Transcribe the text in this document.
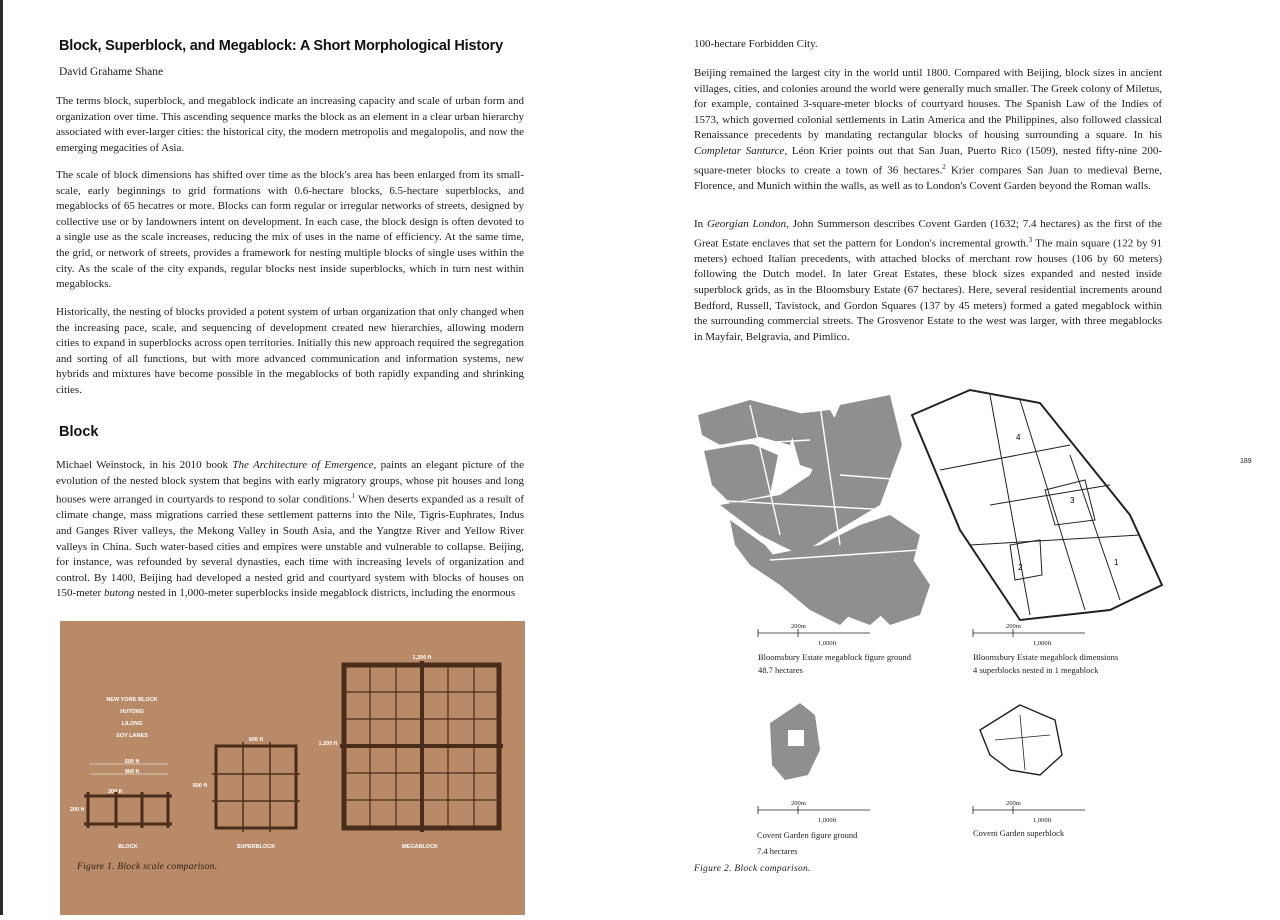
Block, Superblock, and Megablock: A Short Morphological History
David Grahame Shane

The terms block, superblock, and megablock indicate an increasing capacity and scale of urban form and organization over time. This ascending sequence marks the block as an element in a clear urban hierarchy associated with ever-larger cities: the historical city, the modern metropolis and megalopolis, and now the emerging megacities of Asia.

The scale of block dimensions has shifted over time as the block's area has been enlarged from its small-scale, early beginnings to grid formations with 0.6-hectare blocks, 6.5-hectare superblocks, and megablocks of 65 hecatres or more. Blocks can form regular or irregular networks of streets, designed by collective use or by landowners intent on development. In each case, the block design is often devoted to a single use as the scale increases, reducing the mix of uses in the name of efficiency. At the same time, the grid, or network of streets, provides a framework for nesting multiple blocks of single uses within the city. As the scale of the city expands, regular blocks nest inside superblocks, which in turn nest within megablocks.

Historically, the nesting of blocks provided a potent system of urban organization that only changed when the increasing pace, scale, and sequencing of development created new hierarchies, allowing modern cities to expand in superblocks across open territories. Initially this new approach required the segregation and sorting of all functions, but with more advanced communication and information systems, new hybrids and mixtures have become possible in the megablocks of both rapidly expanding and shrinking cities.

Block

Michael Weinstock, in his 2010 book The Architecture of Emergence, paints an elegant picture of the evolution of the nested block system that begins with early migratory groups, whose pit houses and long houses were arranged in courtyards to respond to solar conditions.$^1$ When deserts expanded as a result of climate change, mass migrations carried these settlement patterns into the Nile, Tigris-Euphrates, Indus and Ganges River valleys, the Mekong Valley in South Asia, and the Yangtze River and Yellow River valleys in China. Such water-based cities and empires were unstable and vulnerable to collapse. Beijing, for instance, was refounded by several dynasties, each time with increasing levels of organization and control. By 1400, Beijing had developed a nested grid and courtyard system with blocks of houses on 150-meter butong nested in 1,000-meter superblocks inside megablock districts, including the enormous

NEW YORK BLOCK
HUTONG
LILONG
SOY LANES
600 ft
900 ft
200 ft
200 ft
600 ft
600 ft
1,200 ft
1,200 ft
BLOCK	SUPERBLOCK	MEGABLOCK
Figure 1. Block scale comparison.

100-hectare Forbidden City.

Beijing remained the largest city in the world until 1800. Compared with Beijing, block sizes in ancient villages, cities, and colonies around the world were generally much smaller. The Greek colony of Miletus, for example, contained 3-square-meter blocks of courtyard houses. The Spanish Law of the Indies of 1573, which governed colonial settlements in Latin America and the Philippines, also followed classical Renaissance precedents by mandating rectangular blocks of housing surrounding a square. In his Completar Santurce, Léon Krier points out that San Juan, Puerto Rico (1509), nested fifty-nine 200-square-meter blocks to create a town of 36 hectares.$^2$ Krier compares San Juan to medieval Berne, Florence, and Munich within the walls, as well as to London's Covent Garden beyond the Roman walls.

In Georgian London, John Summerson describes Covent Garden (1632; 7.4 hectares) as the first of the Great Estate enclaves that set the pattern for London's incremental growth.$^3$ The main square (122 by 91 meters) echoed Italian precedents, with attached blocks of merchant row houses (106 by 60 meters) following the Dutch model. In later Great Estates, these block sizes expanded and nested inside superblock grids, as in the Bloomsbury Estate (67 hectares). Here, several residential increments around Bedford, Russell, Tavistock, and Gordon Squares (137 by 45 meters) formed a gated megablock within the surrounding commercial streets. The Grosvenor Estate to the west was larger, with three megablocks in Mayfair, Belgravia, and Pimlico.

189
4
3
2
1
200m
1,000ft
200m
1,000ft
200m
1,000ft
200m
1,000ft
Bloomsbury Estate megablock figure ground
48.7 hectares
Bloomsbury Estate megablock dimensions
4 superblocks nested in 1 megablock
Covent Garden figure ground
7.4 hectares
Covent Garden superblock
Figure 2. Block comparison.
